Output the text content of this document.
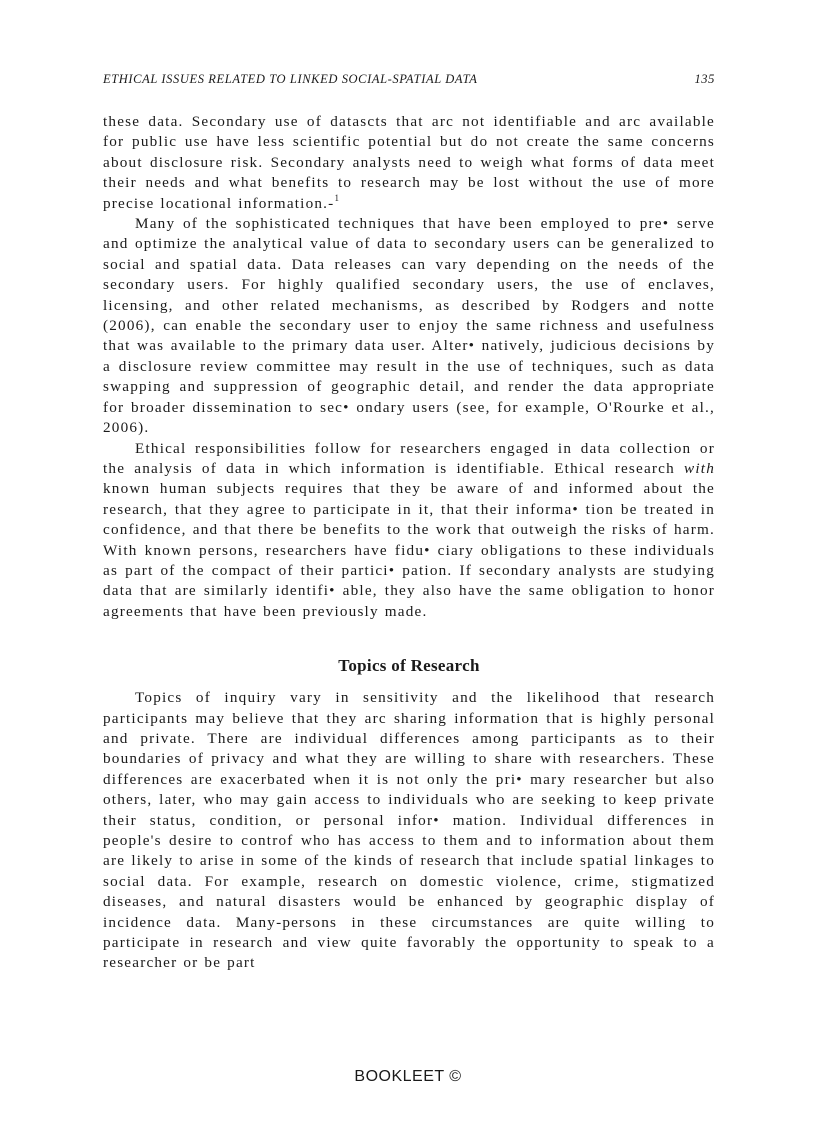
ETHICAL ISSUES RELATED TO LINKED SOCIAL-SPATIAL DATA	135

these data. Secondary use of datascts that arc not identifiable and arc available for public use have less scientific potential but do not create the same concerns about disclosure risk. Secondary analysts need to weigh what forms of data meet their needs and what benefits to research may be lost without the use of more precise locational information.-$^1$

Many of the sophisticated techniques that have been employed to pre• serve and optimize the analytical value of data to secondary users can be generalized to social and spatial data. Data releases can vary depending on the needs of the secondary users. For highly qualified secondary users, the use of enclaves, licensing, and other related mechanisms, as described by Rodgers and notte (2006), can enable the secondary user to enjoy the same richness and usefulness that was available to the primary data user. Alter• natively, judicious decisions by a disclosure review committee may result in the use of techniques, such as data swapping and suppression of geographic detail, and render the data appropriate for broader dissemination to sec• ondary users (see, for example, O'Rourke et al., 2006).

Ethical responsibilities follow for researchers engaged in data collection or the analysis of data in which information is identifiable. Ethical research with known human subjects requires that they be aware of and informed about the research, that they agree to participate in it, that their informa• tion be treated in confidence, and that there be benefits to the work that outweigh the risks of harm. With known persons, researchers have fidu• ciary obligations to these individuals as part of the compact of their partici• pation. If secondary analysts are studying data that are similarly identifi• able, they also have the same obligation to honor agreements that have been previously made.

Topics of Research

Topics of inquiry vary in sensitivity and the likelihood that research participants may believe that they arc sharing information that is highly personal and private. There are individual differences among participants as to their boundaries of privacy and what they are willing to share with researchers. These differences are exacerbated when it is not only the pri• mary researcher but also others, later, who may gain access to individuals who are seeking to keep private their status, condition, or personal infor• mation. Individual differences in people's desire to controf who has access to them and to information about them are likely to arise in some of the kinds of research that include spatial linkages to social data. For example, research on domestic violence, crime, stigmatized diseases, and natural disasters would be enhanced by geographic display of incidence data. Many-persons in these circumstances are quite willing to participate in research and view quite favorably the opportunity to speak to a researcher or be part

BOOKLEET ©
